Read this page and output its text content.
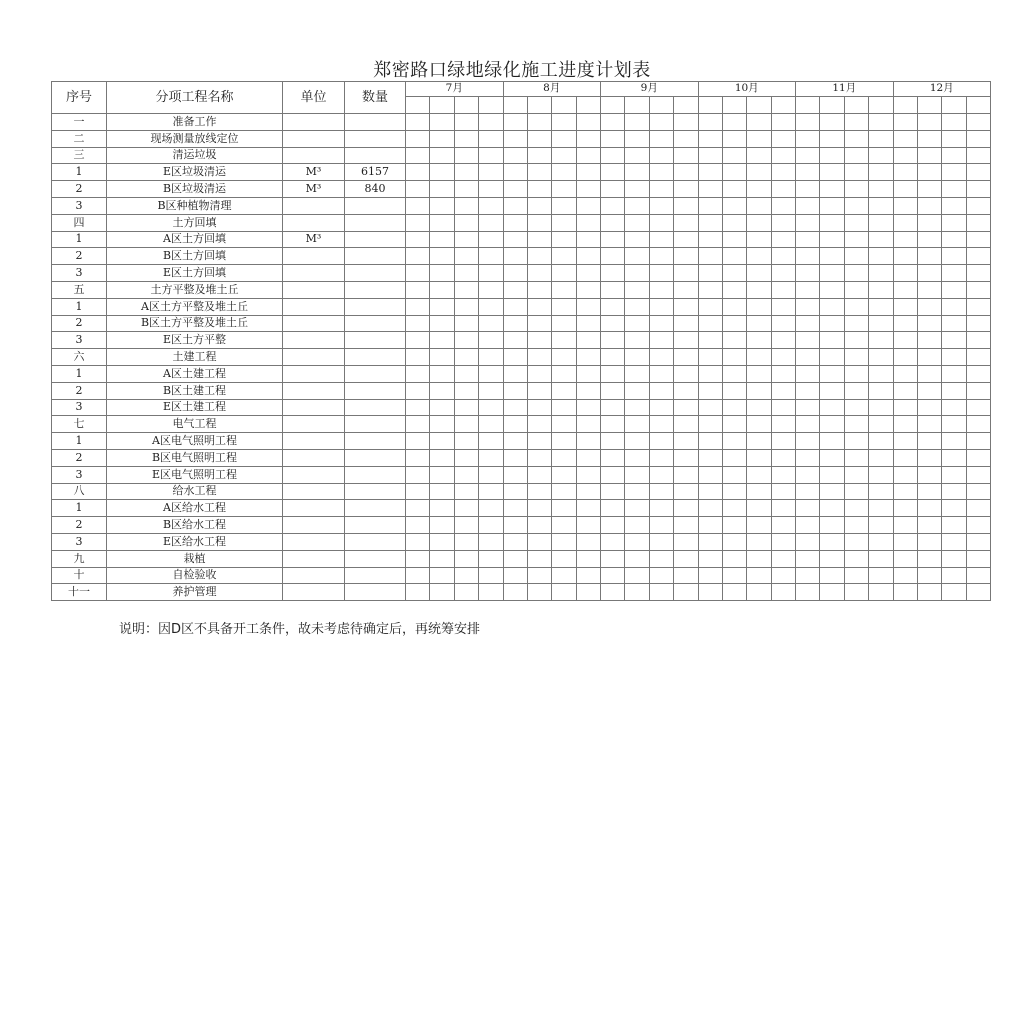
郑密路口绿地绿化施工进度计划表
序号	分项工程名称	单位	数量	7月				8月				9月				10月				11月				12月			

一	准备工作																										
二	现场测量放线定位																										
三	清运垃圾																										
1	E区垃圾清运	M³	6157																								
2	B区垃圾清运	M³	840																								
3	B区种植物清理																										
四	土方回填																										
1	A区土方回填	M³																									
2	B区土方回填																										
3	E区土方回填																										
五	土方平整及堆土丘																										
1	A区土方平整及堆土丘																										
2	B区土方平整及堆土丘																										
3	E区土方平整																										
六	土建工程																										
1	A区土建工程																										
2	B区土建工程																										
3	E区土建工程																										
七	电气工程																										
1	A区电气照明工程																										
2	B区电气照明工程																										
3	E区电气照明工程																										
八	给水工程																										
1	A区给水工程																										
2	B区给水工程																										
3	E区给水工程																										
九	栽植																										
十	自检验收																										
十一	养护管理																										
说明：因D区不具备开工条件，故未考虑待确定后，再统筹安排
